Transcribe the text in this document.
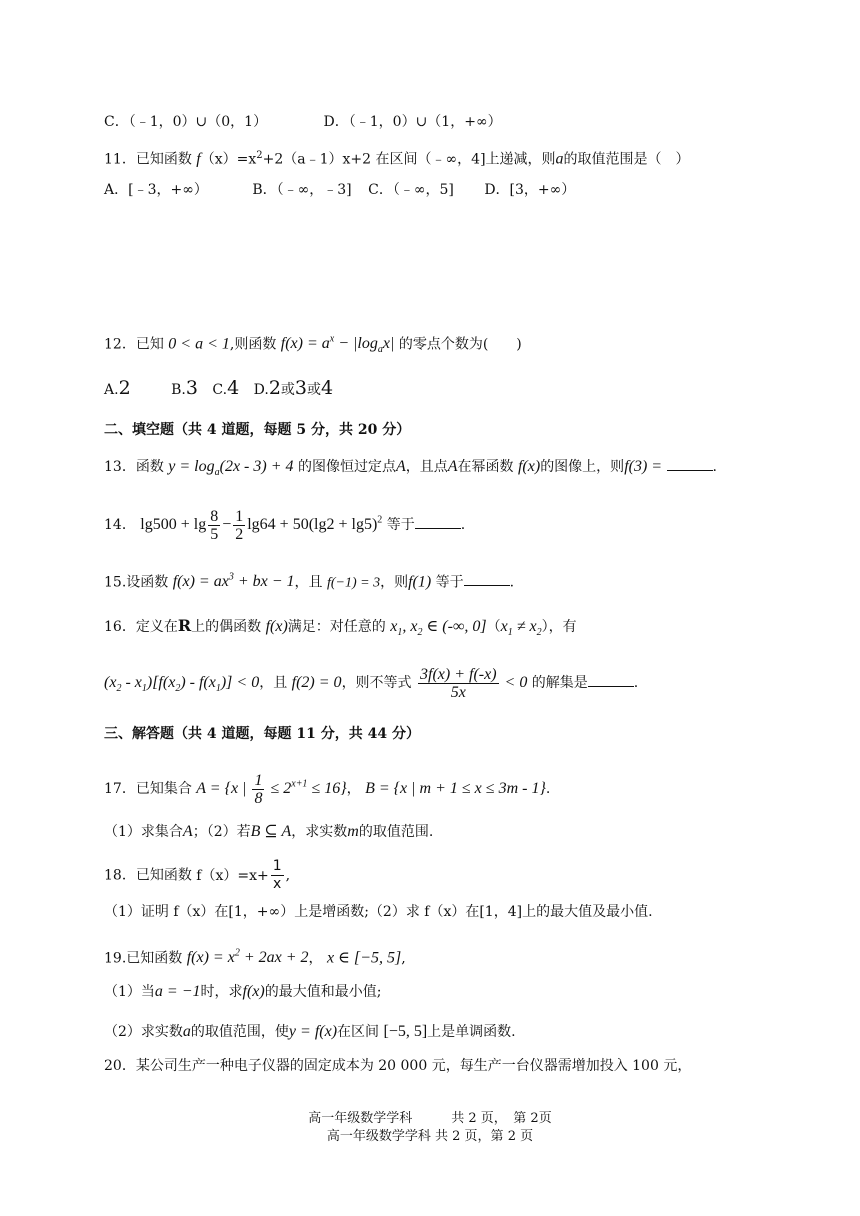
C．（﹣1，0）∪（0，1）	D．（﹣1，0）∪（1，+∞）
11．已知函数 $f(x)=x^2+2(a﹣1)x+2$ 在区间（﹣∞，4]上递减，则a的取值范围是（　）
A．[﹣3，+∞）	B．（﹣∞，﹣3] C．（﹣∞，5] D．[3，+∞）
12．已知 0 < a < 1,则函数 $f(x) = a^x - |\log_ax|$ 的零点个数为(　　)
A.2	B.3 C.4 D.2或3或4
二、填空题（共 4 道题，每题 5 分，共 20 分）
13．函数 $y = \log_a(2x - 3) + 4$ 的图像恒过定点A，且点A在幂函数 f(x)的图像上，则f(3) =	.
14． $\lg 500 + \lg \frac{8}{5} - \frac{1}{2} \lg 64 + 50(\lg 2 + \lg 5)^2$ 等于	.
15.设函数 $f(x) = ax^3$ + bx − 1，且 f(−1) = 3，则f(1) 等于	.
16．定义在R上的偶函数 f(x)满足：对任意的 $x_1$, $x_2$ ∈ (-∞, $0](x_1 \ne x_2)$，有
$(x_2 - x_1)[f(x_2) - f(x_1)] < 0$，且 f(2) = 0，则不等式 $\frac{3f(x) + f(-x)}{5x} < 0$ 的解集是	.
三、解答题（共 4 道题，每题 11 分，共 44 分）
17．已知集合 A = {x | $\frac{1}{8} \le 2^{x+1} \le 16$}， B = {x | m + 1 ≤ x ≤ 3m - 1}.
（1）求集合A；（2）若B ⊆ A，求实数m的取值范围.
18．已知函数 $f(x)=x+ \frac{1}{x}$ ,
（1）证明 f（x）在[1，+∞）上是增函数;（2）求 f（x）在[1，4]上的最大值及最小值.
19.已知函数 $f(x) = x^2 + 2ax + 2$， x ∈ [−5, 5],
（1）当a = −1时，求f(x)的最大值和最小值;
（2）求实数a的取值范围，使y = f(x)在区间 [−5, 5]上是单调函数.
20．某公司生产一种电子仪器的固定成本为 20 000 元，每生产一台仪器需增加投入 100 元，
高一年级数学学科　　　共 2 页，　第 2页
高一年级数学学科 共 2 页，第 2 页
